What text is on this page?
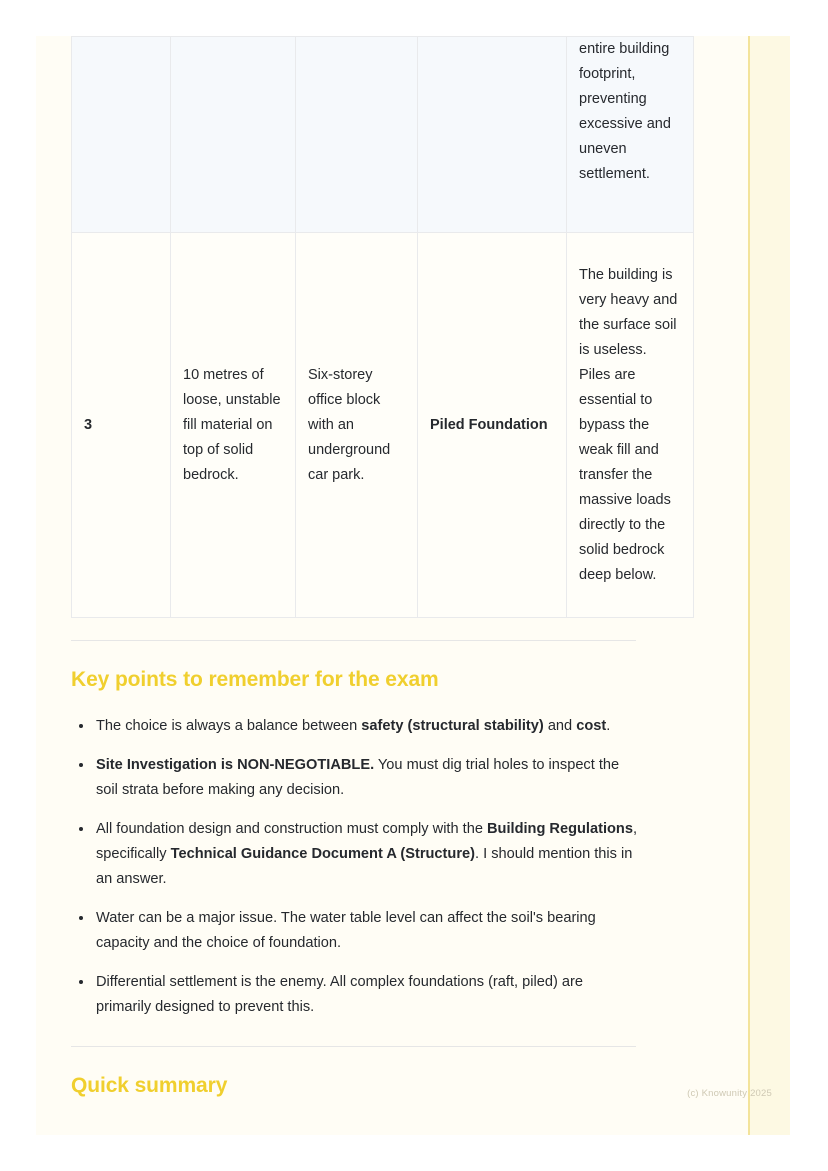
				entire building footprint, preventing excessive and uneven settlement.
3	10 metres of loose, unstable fill material on top of solid bedrock.	Six-storey office block with an underground car park.	Piled Foundation	The building is very heavy and the surface soil is useless. Piles are essential to bypass the weak fill and transfer the massive loads directly to the solid bedrock deep below.
Key points to remember for the exam
The choice is always a balance between safety (structural stability) and cost.
Site Investigation is NON-NEGOTIABLE. You must dig trial holes to inspect the soil strata before making any decision.
All foundation design and construction must comply with the Building Regulations, specifically Technical Guidance Document A (Structure). I should mention this in an answer.
Water can be a major issue. The water table level can affect the soil's bearing capacity and the choice of foundation.
Differential settlement is the enemy. All complex foundations (raft, piled) are primarily designed to prevent this.
Quick summary	(c) Knowunity 2025
